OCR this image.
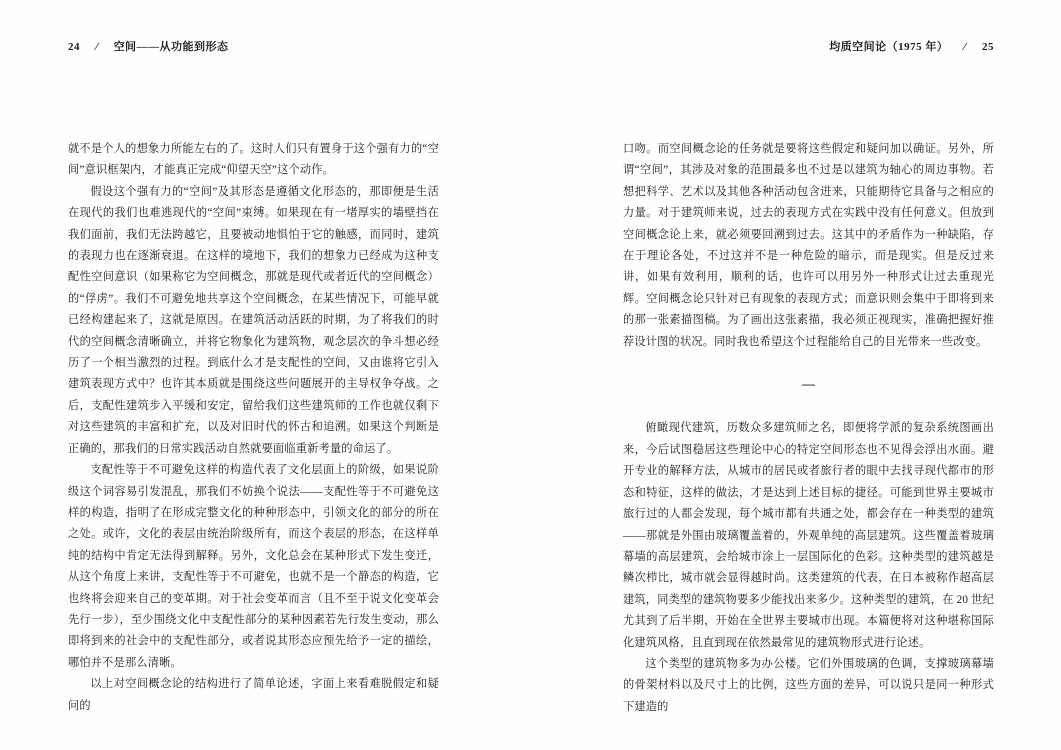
24 / 空间——从功能到形态

就不是个人的想象力所能左右的了。这时人们只有置身于这个强有力的“空间”意识框架内，才能真正完成“仰望天空”这个动作。

假设这个强有力的“空间”及其形态是遵循文化形态的，那即便是生活在现代的我们也难逃现代的“空间”束缚。如果现在有一堵厚实的墙壁挡在我们面前，我们无法跨越它，且要被动地惧怕于它的触感，而同时，建筑的表现力也在逐渐衰退。在这样的境地下，我们的想象力已经成为这种支配性空间意识（如果称它为空间概念，那就是现代或者近代的空间概念）的“俘虏”。我们不可避免地共享这个空间概念，在某些情况下，可能早就已经构建起来了，这就是原因。在建筑活动活跃的时期，为了将我们的时代的空间概念清晰确立，并将它物象化为建筑物，观念层次的争斗想必经历了一个相当激烈的过程。到底什么才是支配性的空间，又由谁将它引入建筑表现方式中？也许其本质就是围绕这些问题展开的主导权争夺战。之后，支配性建筑步入平缓和安定，留给我们这些建筑师的工作也就仅剩下对这些建筑的丰富和扩充，以及对旧时代的怀古和追溯。如果这个判断是正确的，那我们的日常实践活动自然就要面临重新考量的命运了。

支配性等于不可避免这样的构造代表了文化层面上的阶级，如果说阶级这个词容易引发混乱，那我们不妨换个说法——支配性等于不可避免这样的构造，指明了在形成完整文化的种种形态中，引领文化的部分的所在之处。或许，文化的表层由统治阶级所有，而这个表层的形态，在这样单纯的结构中肯定无法得到解释。另外，文化总会在某种形式下发生变迁，从这个角度上来讲，支配性等于不可避免，也就不是一个静态的构造，它也终将会迎来自己的变革期。对于社会变革而言（且不至于说文化变革会先行一步），至少围绕文化中支配性部分的某种因素若先行发生变动，那么即将到来的社会中的支配性部分，或者说其形态应预先给予一定的描绘，哪怕并不是那么清晰。

以上对空间概念论的结构进行了简单论述，字面上来看难脱假定和疑问的

均质空间论（1975 年） / 25

口吻。而空间概念论的任务就是要将这些假定和疑问加以确证。另外，所谓“空间”，其涉及对象的范围最多也不过是以建筑为轴心的周边事物。若想把科学、艺术以及其他各种活动包含进来，只能期待它具备与之相应的力量。对于建筑师来说，过去的表现方式在实践中没有任何意义。但放到空间概念论上来，就必须要回溯到过去。这其中的矛盾作为一种缺陷，存在于理论各处，不过这并不是一种危险的暗示，而是现实。但是反过来讲，如果有效利用，顺利的话，也许可以用另外一种形式让过去重现光辉。空间概念论只针对已有现象的表现方式；而意识则会集中于即将到来的那一张素描图稿。为了画出这张素描，我必须正视现实，准确把握好推荐设计图的状况。同时我也希望这个过程能给自己的目光带来一些改变。

—

俯瞰现代建筑，历数众多建筑师之名，即便将学派的复杂系统图画出来，今后试图稳居这些理论中心的特定空间形态也不见得会浮出水面。避开专业的解释方法，从城市的居民或者旅行者的眼中去找寻现代都市的形态和特征，这样的做法，才是达到上述目标的捷径。可能到世界主要城市旅行过的人都会发现，每个城市都有共通之处，都会存在一种类型的建筑——那就是外围由玻璃覆盖着的，外观单纯的高层建筑。这些覆盖着玻璃幕墙的高层建筑，会给城市涂上一层国际化的色彩。这种类型的建筑越是鳞次栉比，城市就会显得越时尚。这类建筑的代表，在日本被称作超高层建筑，同类型的建筑物要多少能找出来多少。这种类型的建筑，在 20 世纪尤其到了后半期，开始在全世界主要城市出现。本篇便将对这种堪称国际化建筑风格，且直到现在依然最常见的建筑物形式进行论述。

这个类型的建筑物多为办公楼。它们外围玻璃的色调，支撑玻璃幕墙的骨架材料以及尺寸上的比例，这些方面的差异，可以说只是同一种形式下建造的
